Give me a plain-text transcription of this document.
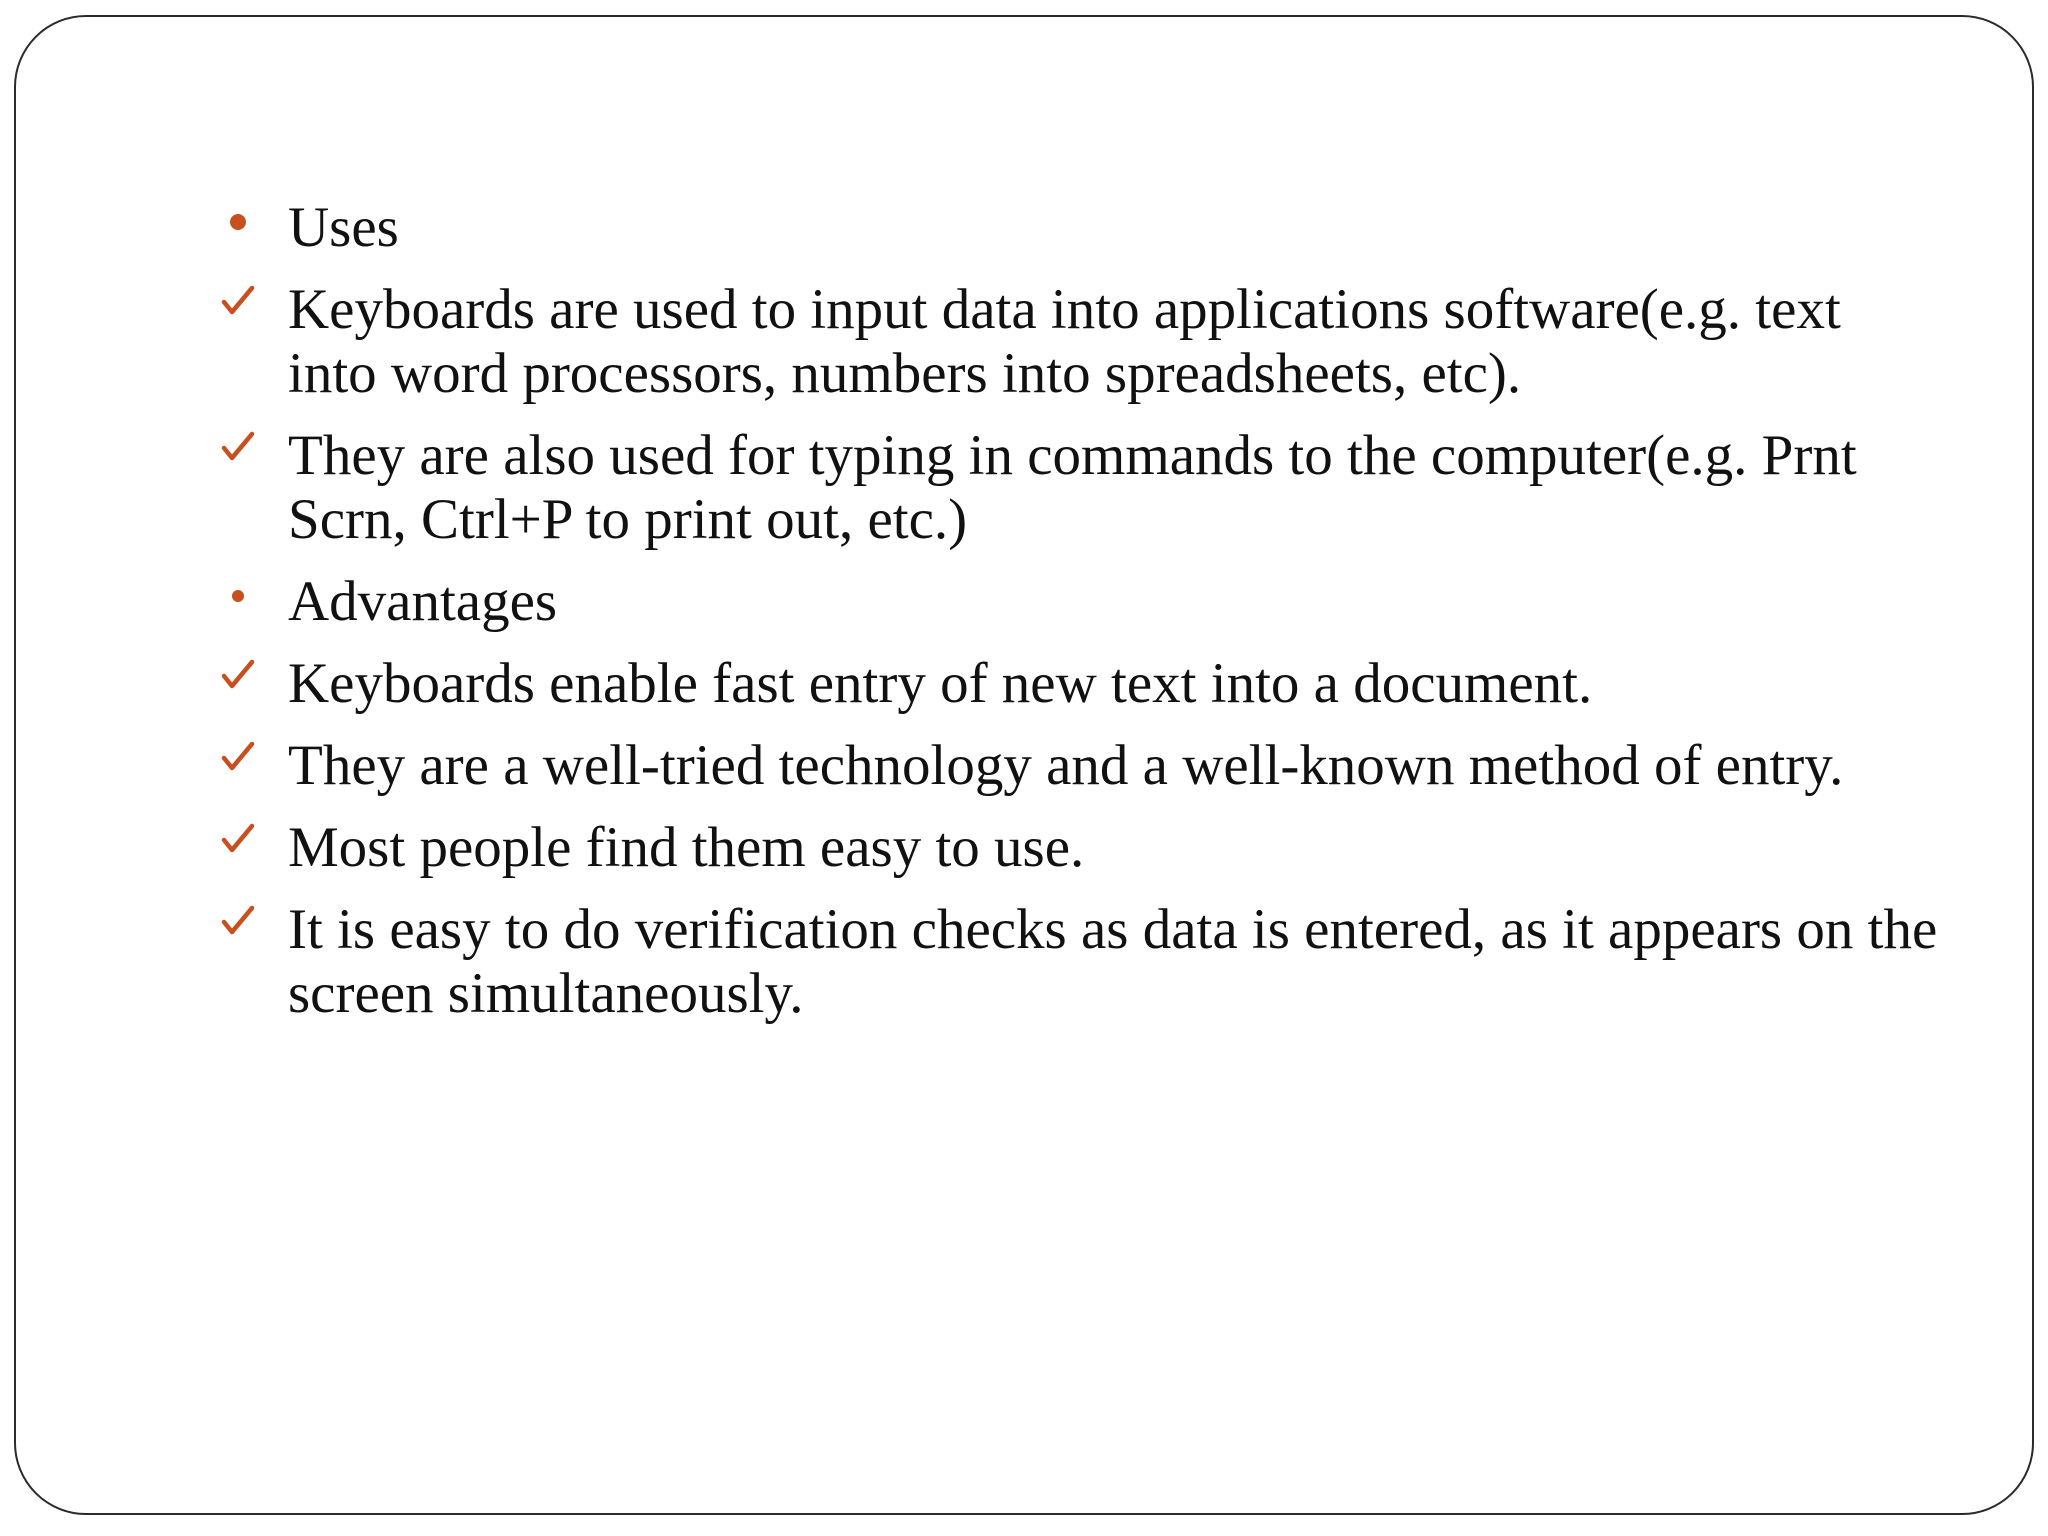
Uses
Keyboards are used to input data into applications software(e.g. text into word processors, numbers into spreadsheets, etc).
They are also used for typing in commands to the computer(e.g. Prnt Scrn, Ctrl+P to print out, etc.)
Advantages
Keyboards enable fast entry of new text into a document.
They are a well-tried technology and a well-known method of entry.
Most people find them easy to use.
It is easy to do verification checks as data is entered, as it appears on the screen simultaneously.
